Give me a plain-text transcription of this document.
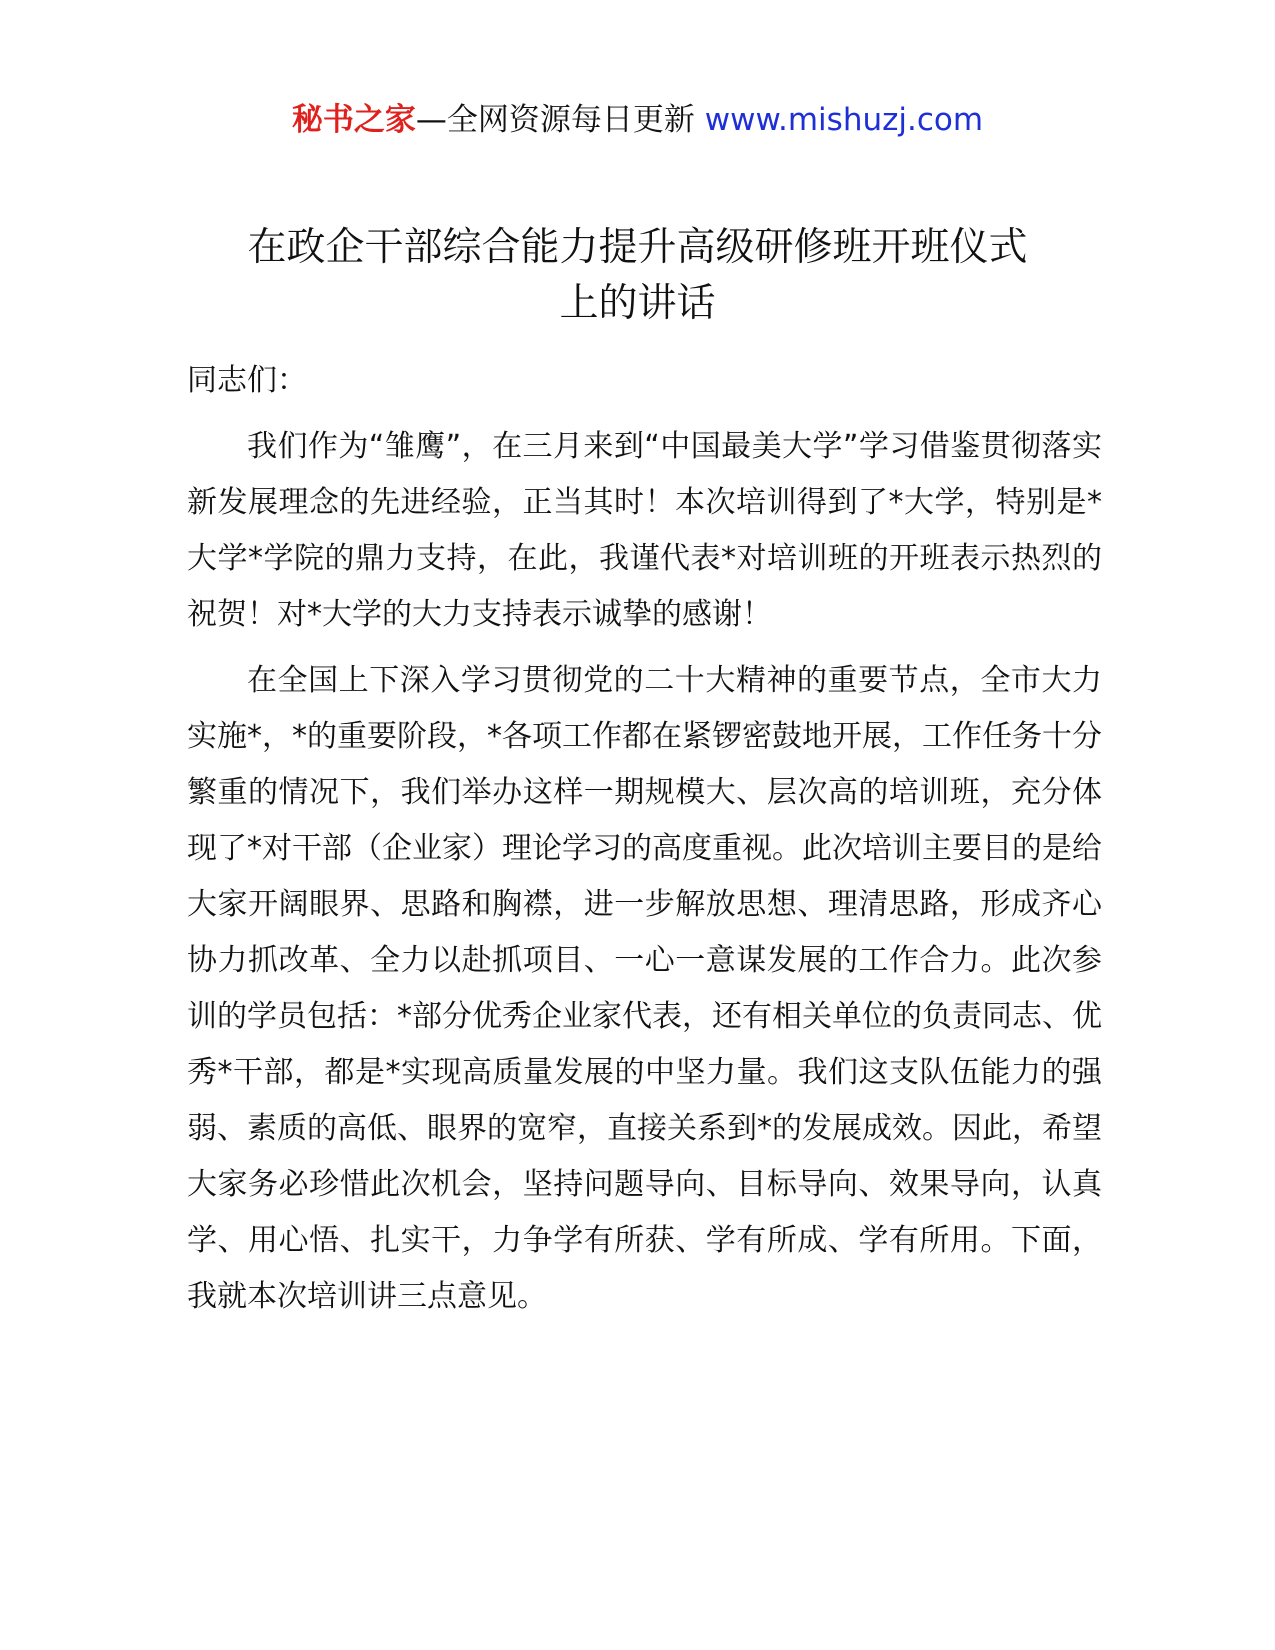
秘书之家—全网资源每日更新 www.mishuzj.com
在政企干部综合能力提升高级研修班开班仪式
上的讲话

同志们：

我们作为“雏鹰”，在三月来到“中国最美大学”学习借鉴贯彻落实新发展理念的先进经验，正当其时！本次培训得到了*大学，特别是*大学*学院的鼎力支持，在此，我谨代表*对培训班的开班表示热烈的祝贺！对*大学的大力支持表示诚挚的感谢！

在全国上下深入学习贯彻党的二十大精神的重要节点，全市大力实施*，*的重要阶段，*各项工作都在紧锣密鼓地开展，工作任务十分繁重的情况下，我们举办这样一期规模大、层次高的培训班，充分体现了*对干部（企业家）理论学习的高度重视。此次培训主要目的是给大家开阔眼界、思路和胸襟，进一步解放思想、理清思路，形成齐心协力抓改革、全力以赴抓项目、一心一意谋发展的工作合力。此次参训的学员包括：*部分优秀企业家代表，还有相关单位的负责同志、优秀*干部，都是*实现高质量发展的中坚力量。我们这支队伍能力的强弱、素质的高低、眼界的宽窄，直接关系到*的发展成效。因此，希望大家务必珍惜此次机会，坚持问题导向、目标导向、效果导向，认真学、用心悟、扎实干，力争学有所获、学有所成、学有所用。下面，我就本次培训讲三点意见。
